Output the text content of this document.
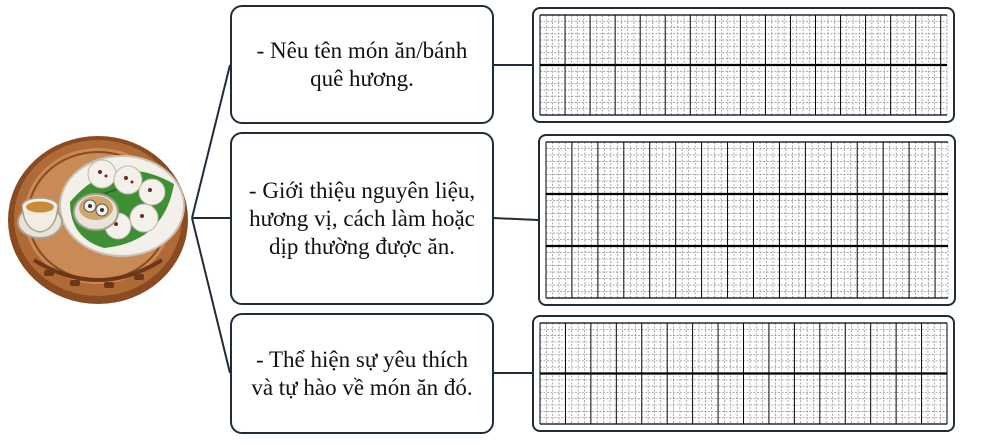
- Nêu tên món ăn/bánh quê hương.
- Giới thiệu nguyên liệu, hương vị, cách làm hoặc dịp thường được ăn.
- Thể hiện sự yêu thích và tự hào về món ăn đó.
